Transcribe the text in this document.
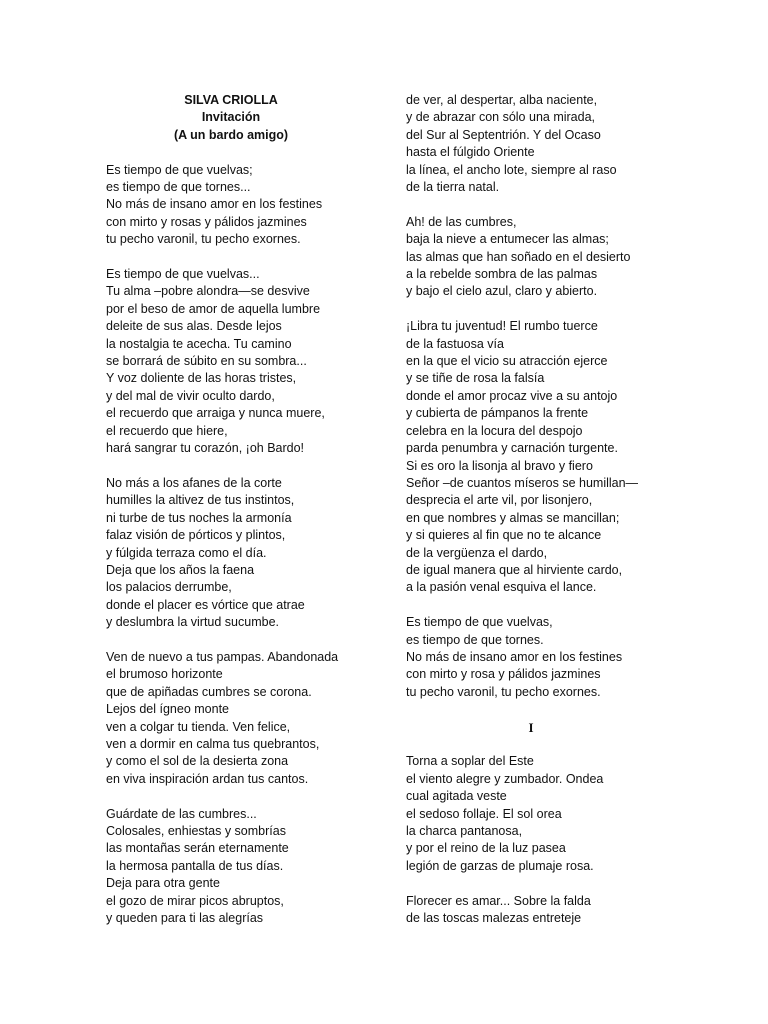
SILVA CRIOLLA
Invitación
(A un bardo amigo)
Es tiempo de que vuelvas;
es tiempo de que tornes...
No más de insano amor en los festines
con mirto y rosas y pálidos jazmines
tu pecho varonil, tu pecho exornes.
Es tiempo de que vuelvas...
Tu alma –pobre alondra—se desvive
por el beso de amor de aquella lumbre
deleite de sus alas. Desde lejos
la nostalgia te acecha. Tu camino
se borrará de súbito en su sombra...
Y voz doliente de las horas tristes,
y del mal de vivir oculto dardo,
el recuerdo que arraiga y nunca muere,
el recuerdo que hiere,
hará sangrar tu corazón, ¡oh Bardo!
No más a los afanes de la corte
humilles la altivez de tus instintos,
ni turbe de tus noches la armonía
falaz visión de pórticos y plintos,
y fúlgida terraza como el día.
Deja que los años la faena
los palacios derrumbe,
donde el placer es vórtice que atrae
y deslumbra la virtud sucumbe.
Ven de nuevo a tus pampas. Abandonada
el brumoso horizonte
que de apiñadas cumbres se corona.
Lejos del ígneo monte
ven a colgar tu tienda. Ven felice,
ven a dormir en calma tus quebrantos,
y como el sol de la desierta zona
en viva inspiración ardan tus cantos.
Guárdate de las cumbres...
Colosales, enhiestas y sombrías
las montañas serán eternamente
la hermosa pantalla de tus días.
Deja para otra gente
el gozo de mirar picos abruptos,
y queden para ti las alegrías
de ver, al despertar, alba naciente,
y de abrazar con sólo una mirada,
del Sur al Septentrión. Y del Ocaso
hasta el fúlgido Oriente
la línea, el ancho lote, siempre al raso
de la tierra natal.
Ah! de las cumbres,
baja la nieve a entumecer las almas;
las almas que han soñado en el desierto
a la rebelde sombra de las palmas
y bajo el cielo azul, claro y abierto.
¡Libra tu juventud! El rumbo tuerce
de la fastuosa vía
en la que el vicio su atracción ejerce
y se tiñe de rosa la falsía
donde el amor procaz vive a su antojo
y cubierta de pámpanos la frente
celebra en la locura del despojo
parda penumbra y carnación turgente.
Si es oro la lisonja al bravo y fiero
Señor –de cuantos míseros se humillan—
desprecia el arte vil, por lisonjero,
en que nombres y almas se mancillan;
y si quieres al fin que no te alcance
de la vergüenza el dardo,
de igual manera que al hirviente cardo,
a la pasión venal esquiva el lance.
Es tiempo de que vuelvas,
es tiempo de que tornes.
No más de insano amor en los festines
con mirto y rosa y pálidos jazmines
tu pecho varonil, tu pecho exornes.
I
Torna a soplar del Este
el viento alegre y zumbador. Ondea
cual agitada veste
el sedoso follaje. El sol orea
la charca pantanosa,
y por el reino de la luz pasea
legión de garzas de plumaje rosa.
Florecer es amar... Sobre la falda
de las toscas malezas entreteje
